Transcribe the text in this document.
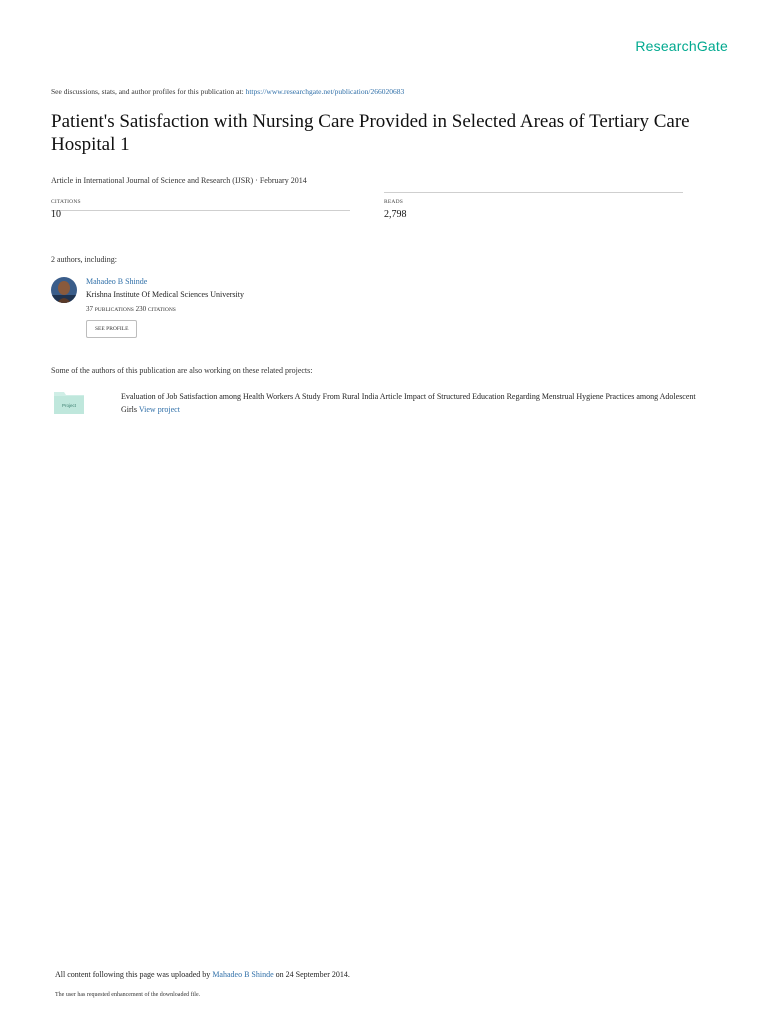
ResearchGate
See discussions, stats, and author profiles for this publication at: https://www.researchgate.net/publication/266020683
Patient's Satisfaction with Nursing Care Provided in Selected Areas of Tertiary Care Hospital 1
Article in International Journal of Science and Research (IJSR) · February 2014
CITATIONS	READS
10	2,798
2 authors, including:
Mahadeo B Shinde
Krishna Institute Of Medical Sciences University
37 PUBLICATIONS 230 CITATIONS
SEE PROFILE
Some of the authors of this publication are also working on these related projects:
Project
Evaluation of Job Satisfaction among Health Workers A Study From Rural India Article Impact of Structured Education Regarding Menstrual Hygiene Practices among Adolescent Girls View project
All content following this page was uploaded by Mahadeo B Shinde on 24 September 2014.
The user has requested enhancement of the downloaded file.
